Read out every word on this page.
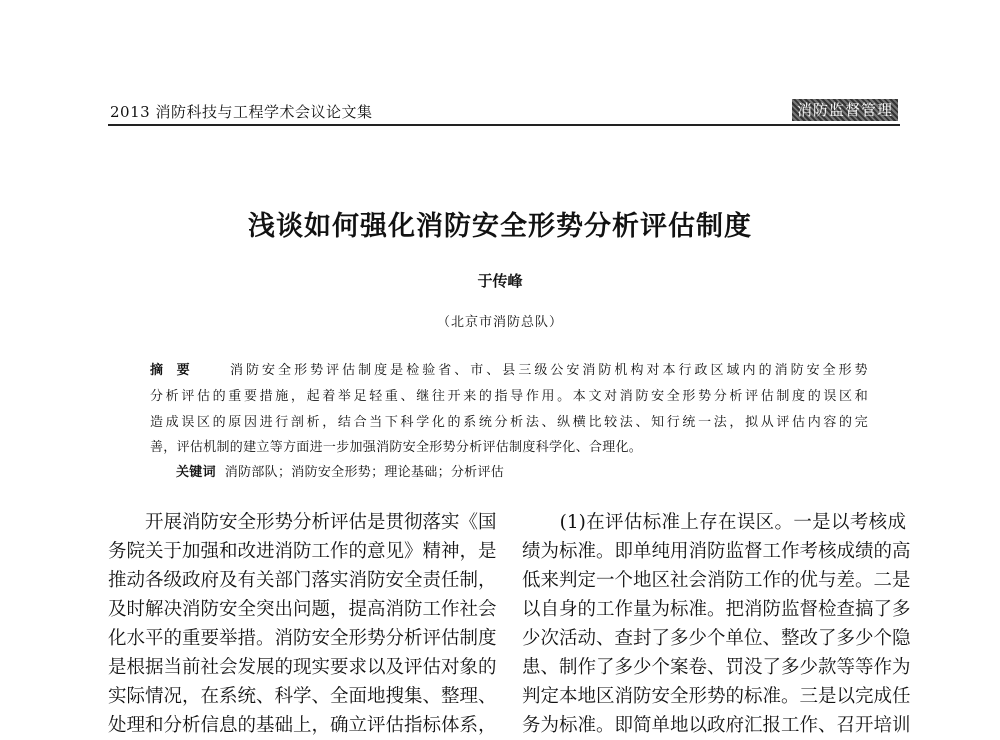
2013 消防科技与工程学术会议论文集	消防监督管理
浅谈如何强化消防安全形势分析评估制度
于传峰
（北京市消防总队）
摘　要	消防安全形势评估制度是检验省、市、县三级公安消防机构对本行政区域内的消防安全形势
分析评估的重要措施，起着举足轻重、继往开来的指导作用。本文对消防安全形势分析评估制度的误区和
造成误区的原因进行剖析，结合当下科学化的系统分析法、纵横比较法、知行统一法，拟从评估内容的完
善，评估机制的建立等方面进一步加强消防安全形势分析评估制度科学化、合理化。
关键词 消防部队；消防安全形势；理论基础；分析评估
　　开展消防安全形势分析评估是贯彻落实《国
务院关于加强和改进消防工作的意见》精神，是
推动各级政府及有关部门落实消防安全责任制，
及时解决消防安全突出问题，提高消防工作社会
化水平的重要举措。消防安全形势分析评估制度
是根据当前社会发展的现实要求以及评估对象的
实际情况，在系统、科学、全面地搜集、整理、
处理和分析信息的基础上，确立评估指标体系，
　　(1)在评估标准上存在误区。一是以考核成
绩为标准。即单纯用消防监督工作考核成绩的高
低来判定一个地区社会消防工作的优与差。二是
以自身的工作量为标准。把消防监督检查搞了多
少次活动、查封了多少个单位、整改了多少个隐
患、制作了多少个案卷、罚没了多少款等等作为
判定本地区消防安全形势的标准。三是以完成任
务为标准。即简单地以政府汇报工作、召开培训
